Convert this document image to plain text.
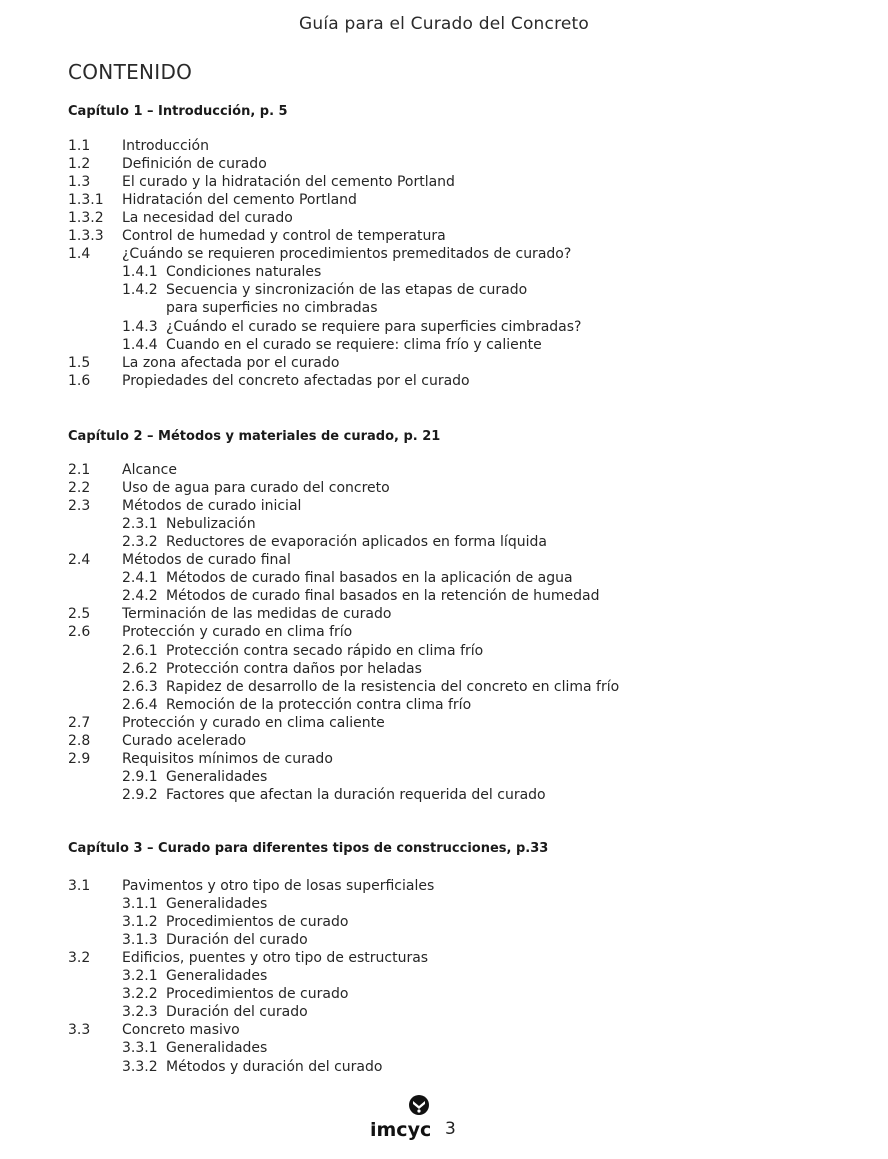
Guía para el Curado del Concreto
CONTENIDO
Capítulo 1 – Introducción, p. 5
1.1 Introducción
1.2 Definición de curado
1.3 El curado y la hidratación del cemento Portland
1.3.1 Hidratación del cemento Portland
1.3.2 La necesidad del curado
1.3.3 Control de humedad y control de temperatura
1.4 ¿Cuándo se requieren procedimientos premeditados de curado?
1.4.1 Condiciones naturales
1.4.2 Secuencia y sincronización de las etapas de curado
para superficies no cimbradas
1.4.3 ¿Cuándo el curado se requiere para superficies cimbradas?
1.4.4 Cuando en el curado se requiere: clima frío y caliente
1.5 La zona afectada por el curado
1.6 Propiedades del concreto afectadas por el curado
Capítulo 2 – Métodos y materiales de curado, p. 21
2.1 Alcance
2.2 Uso de agua para curado del concreto
2.3 Métodos de curado inicial
2.3.1 Nebulización
2.3.2 Reductores de evaporación aplicados en forma líquida
2.4 Métodos de curado final
2.4.1 Métodos de curado final basados en la aplicación de agua
2.4.2 Métodos de curado final basados en la retención de humedad
2.5 Terminación de las medidas de curado
2.6 Protección y curado en clima frío
2.6.1 Protección contra secado rápido en clima frío
2.6.2 Protección contra daños por heladas
2.6.3 Rapidez de desarrollo de la resistencia del concreto en clima frío
2.6.4 Remoción de la protección contra clima frío
2.7 Protección y curado en clima caliente
2.8 Curado acelerado
2.9 Requisitos mínimos de curado
2.9.1 Generalidades
2.9.2 Factores que afectan la duración requerida del curado
Capítulo 3 – Curado para diferentes tipos de construcciones, p.33
3.1 Pavimentos y otro tipo de losas superficiales
3.1.1 Generalidades
3.1.2 Procedimientos de curado
3.1.3 Duración del curado
3.2 Edificios, puentes y otro tipo de estructuras
3.2.1 Generalidades
3.2.2 Procedimientos de curado
3.2.3 Duración del curado
3.3 Concreto masivo
3.3.1 Generalidades
3.3.2 Métodos y duración del curado
imcyc 3
